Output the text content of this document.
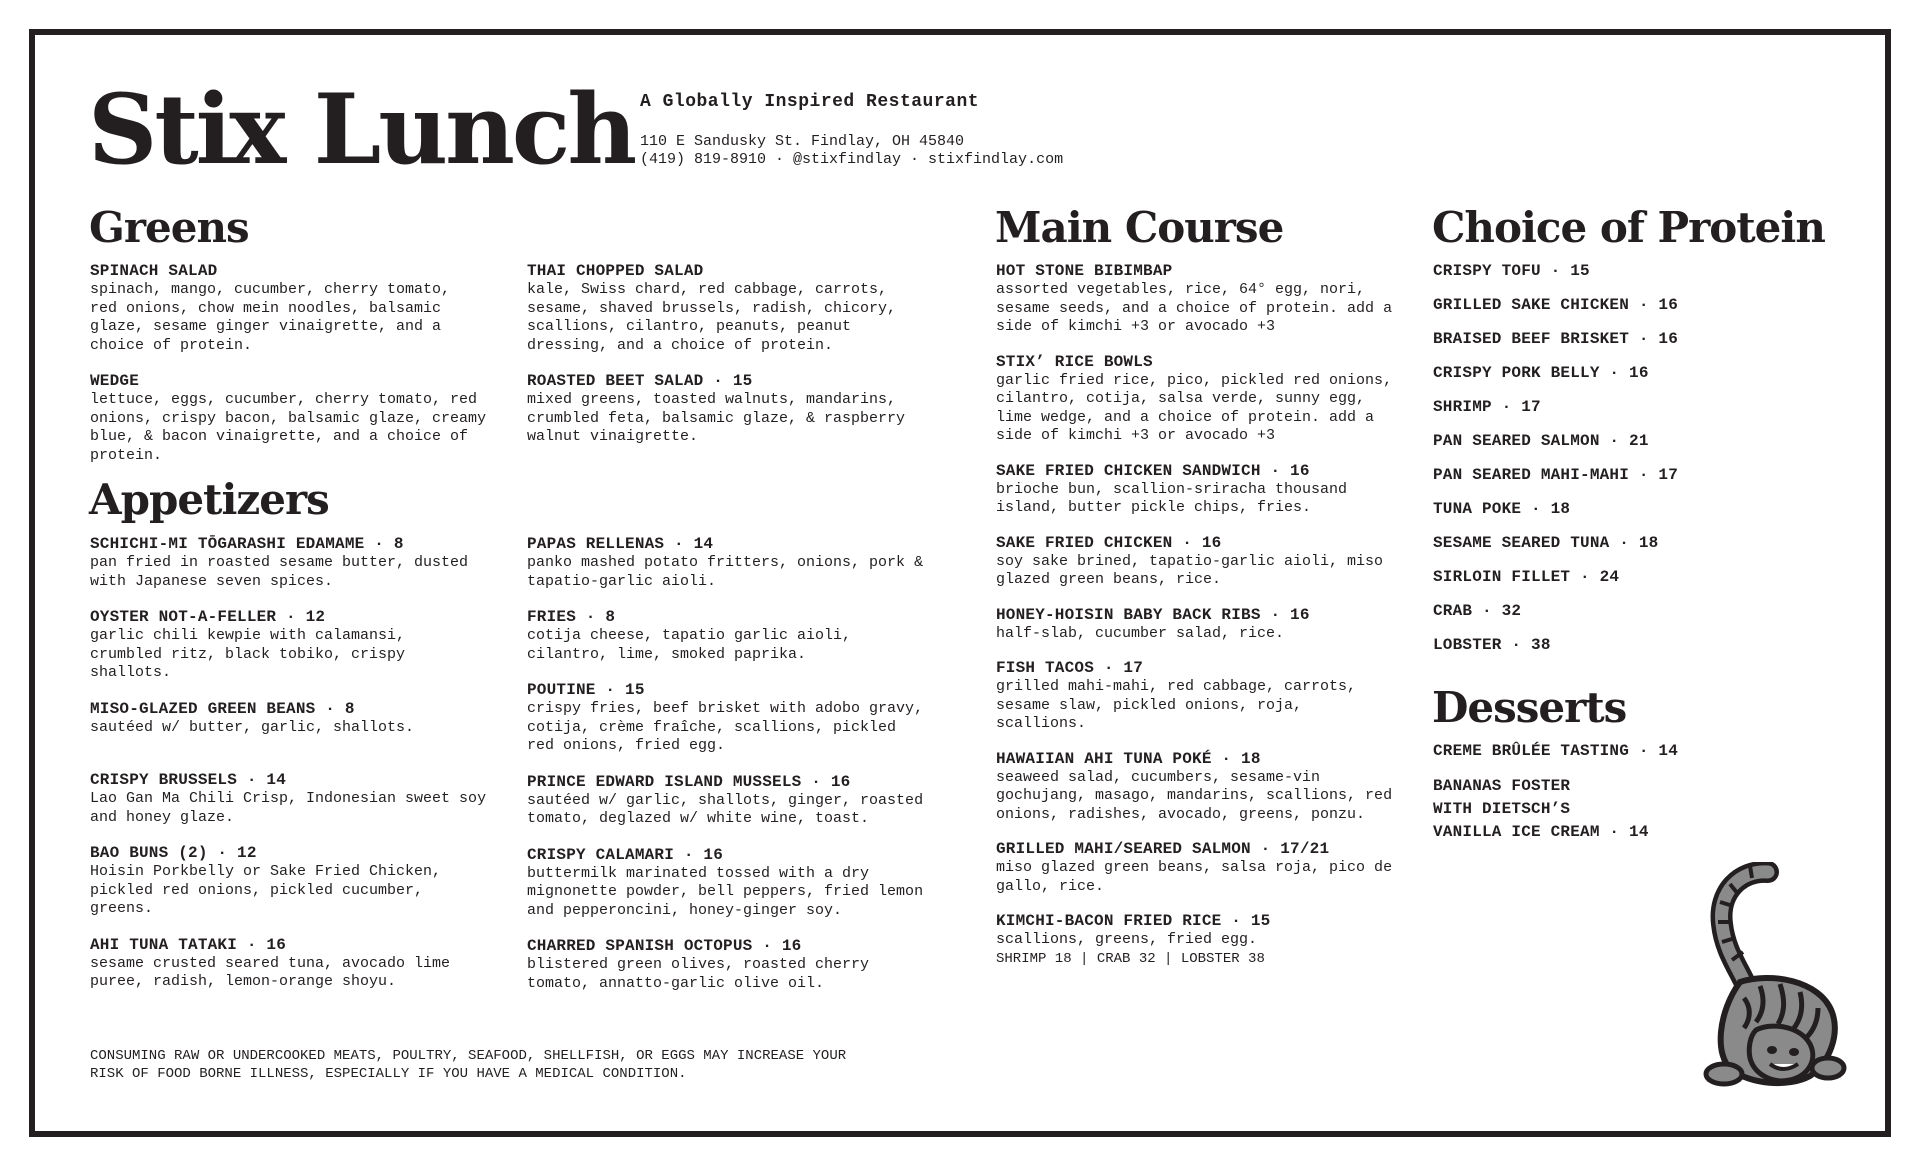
Stix Lunch A Globally Inspired Restaurant
110 E Sandusky St. Findlay, OH 45840
(419) 819-8910 · @stixfindlay · stixfindlay.com
Greens
SPINACH SALAD
spinach, mango, cucumber, cherry tomato,
red onions, chow mein noodles, balsamic
glaze, sesame ginger vinaigrette, and a
choice of protein.
WEDGE
lettuce, eggs, cucumber, cherry tomato, red
onions, crispy bacon, balsamic glaze, creamy
blue, & bacon vinaigrette, and a choice of
protein.
THAI CHOPPED SALAD
kale, Swiss chard, red cabbage, carrots,
sesame, shaved brussels, radish, chicory,
scallions, cilantro, peanuts, peanut
dressing, and a choice of protein.
ROASTED BEET SALAD · 15
mixed greens, toasted walnuts, mandarins,
crumbled feta, balsamic glaze, & raspberry
walnut vinaigrette.
Appetizers
SCHICHI-MI TŌGARASHI EDAMAME · 8
pan fried in roasted sesame butter, dusted
with Japanese seven spices.
OYSTER NOT-A-FELLER · 12
garlic chili kewpie with calamansi,
crumbled ritz, black tobiko, crispy
shallots.
MISO-GLAZED GREEN BEANS · 8
sautéed w/ butter, garlic, shallots.
CRISPY BRUSSELS · 14
Lao Gan Ma Chili Crisp, Indonesian sweet soy
and honey glaze.
BAO BUNS (2) · 12
Hoisin Porkbelly or Sake Fried Chicken,
pickled red onions, pickled cucumber,
greens.
AHI TUNA TATAKI · 16
sesame crusted seared tuna, avocado lime
puree, radish, lemon-orange shoyu.
PAPAS RELLENAS · 14
panko mashed potato fritters, onions, pork &
tapatio-garlic aioli.
FRIES · 8
cotija cheese, tapatio garlic aioli,
cilantro, lime, smoked paprika.
POUTINE · 15
crispy fries, beef brisket with adobo gravy,
cotija, crème fraîche, scallions, pickled
red onions, fried egg.
PRINCE EDWARD ISLAND MUSSELS · 16
sautéed w/ garlic, shallots, ginger, roasted
tomato, deglazed w/ white wine, toast.
CRISPY CALAMARI · 16
buttermilk marinated tossed with a dry
mignonette powder, bell peppers, fried lemon
and pepperoncini, honey-ginger soy.
CHARRED SPANISH OCTOPUS · 16
blistered green olives, roasted cherry
tomato, annatto-garlic olive oil.
Main Course
HOT STONE BIBIMBAP
assorted vegetables, rice, 64° egg, nori,
sesame seeds, and a choice of protein. add a
side of kimchi +3 or avocado +3
STIX’ RICE BOWLS
garlic fried rice, pico, pickled red onions,
cilantro, cotija, salsa verde, sunny egg,
lime wedge, and a choice of protein. add a
side of kimchi +3 or avocado +3
SAKE FRIED CHICKEN SANDWICH · 16
brioche bun, scallion-sriracha thousand
island, butter pickle chips, fries.
SAKE FRIED CHICKEN · 16
soy sake brined, tapatio-garlic aioli, miso
glazed green beans, rice.
HONEY-HOISIN BABY BACK RIBS · 16
half-slab, cucumber salad, rice.
FISH TACOS · 17
grilled mahi-mahi, red cabbage, carrots,
sesame slaw, pickled onions, roja,
scallions.
HAWAIIAN AHI TUNA POKÉ · 18
seaweed salad, cucumbers, sesame-vin
gochujang, masago, mandarins, scallions, red
onions, radishes, avocado, greens, ponzu.
GRILLED MAHI/SEARED SALMON · 17/21
miso glazed green beans, salsa roja, pico de
gallo, rice.
KIMCHI-BACON FRIED RICE · 15
scallions, greens, fried egg.
SHRIMP 18 | CRAB 32 | LOBSTER 38
Choice of Protein
CRISPY TOFU · 15
GRILLED SAKE CHICKEN · 16
BRAISED BEEF BRISKET · 16
CRISPY PORK BELLY · 16
SHRIMP · 17
PAN SEARED SALMON · 21
PAN SEARED MAHI-MAHI · 17
TUNA POKE · 18
SESAME SEARED TUNA · 18
SIRLOIN FILLET · 24
CRAB · 32
LOBSTER · 38
Desserts
CREME BRÛLÉE TASTING · 14
BANANAS FOSTER
WITH DIETSCH’S
VANILLA ICE CREAM · 14
CONSUMING RAW OR UNDERCOOKED MEATS, POULTRY, SEAFOOD, SHELLFISH, OR EGGS MAY INCREASE YOUR
RISK OF FOOD BORNE ILLNESS, ESPECIALLY IF YOU HAVE A MEDICAL CONDITION.
